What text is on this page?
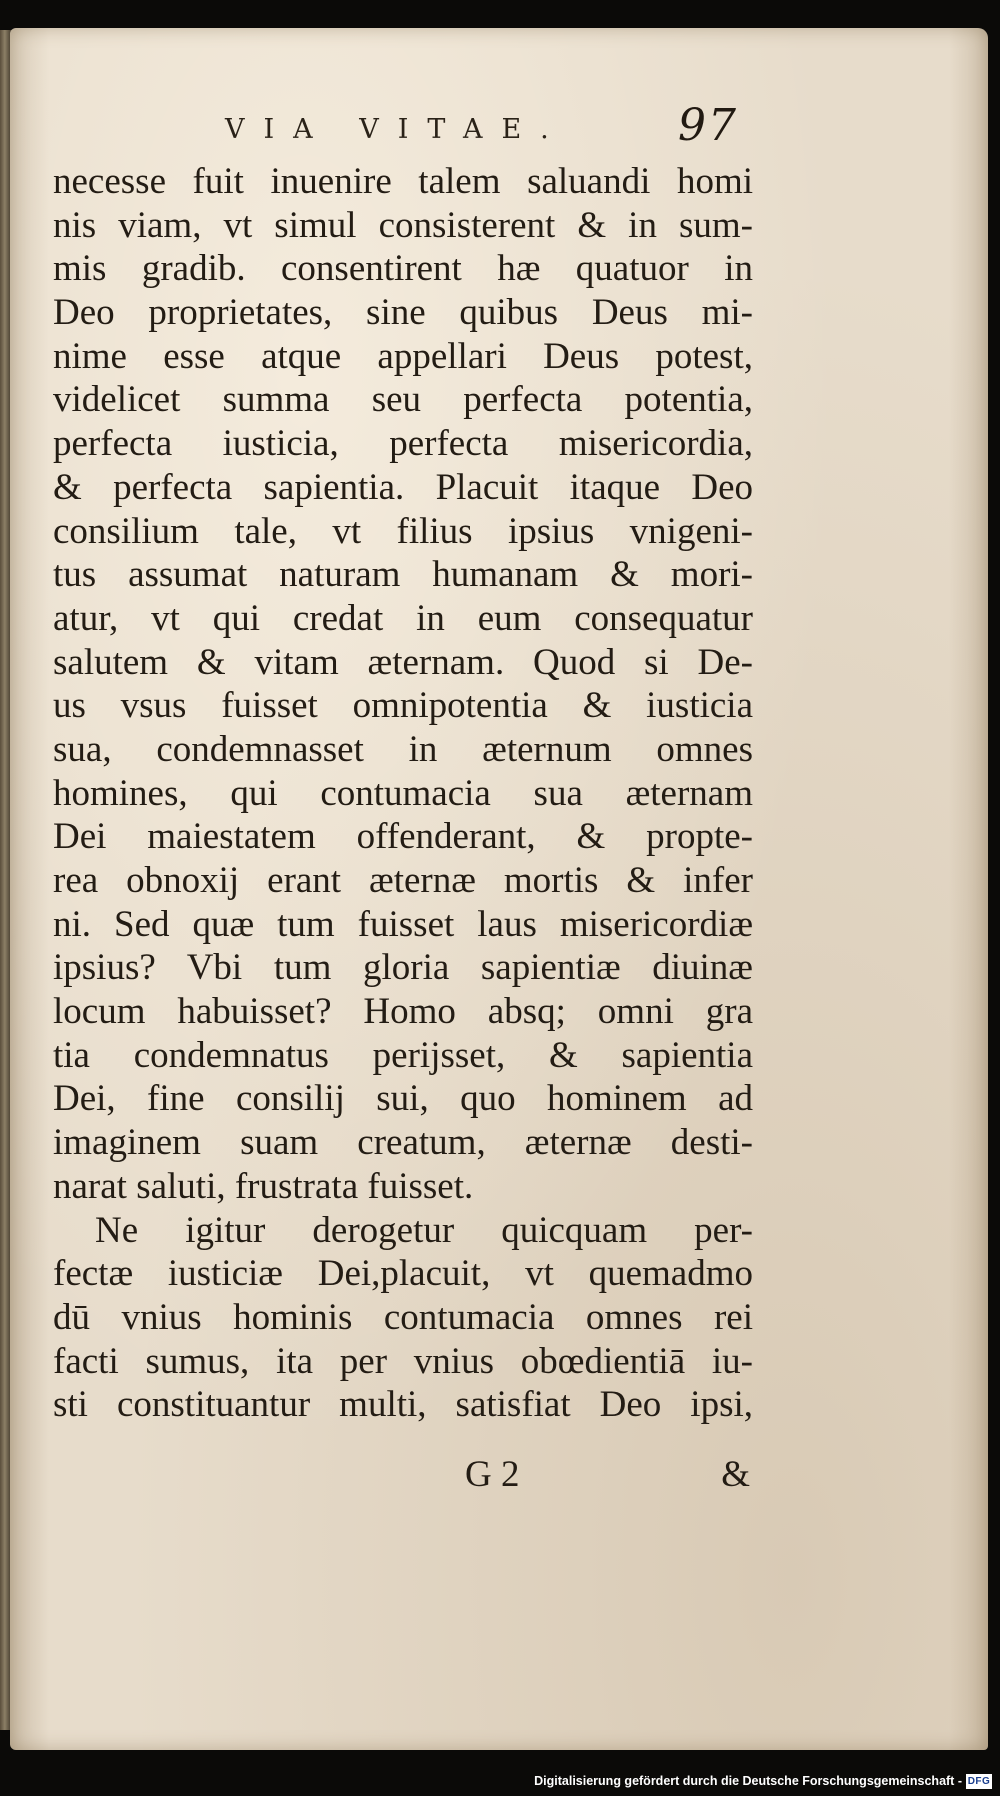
VIA VITAE.	97
necesse fuit inuenire talem saluandi homi
nis viam, vt simul consisterent & in sum-
mis gradib. consentirent hæ quatuor in
Deo proprietates, sine quibus Deus mi-
nime esse atque appellari Deus potest,
videlicet summa seu perfecta potentia,
perfecta iusticia, perfecta misericordia,
& perfecta sapientia. Placuit itaque Deo
consilium tale, vt filius ipsius vnigeni-
tus assumat naturam humanam & mori-
atur, vt qui credat in eum consequatur
salutem & vitam æternam. Quod si De-
us vsus fuisset omnipotentia & iusticia
sua, condemnasset in æternum omnes
homines, qui contumacia sua æternam
Dei maiestatem offenderant, & propte-
rea obnoxij erant æternæ mortis & infer
ni. Sed quæ tum fuisset laus misericordiæ
ipsius? Vbi tum gloria sapientiæ diuinæ
locum habuisset? Homo absq; omni gra
tia condemnatus perijsset, & sapientia
Dei, fine consilij sui, quo hominem ad
imaginem suam creatum, æternæ desti-
narat saluti, frustrata fuisset.
Ne igitur derogetur quicquam per-
fectæ iusticiæ Dei,placuit, vt quemadmo
dū vnius hominis contumacia omnes rei
facti sumus, ita per vnius obœdientiā iu-
sti constituantur multi, satisfiat Deo ipsi,
G 2	&
Digitalisierung gefördert durch die Deutsche Forschungsgemeinschaft - DFG
